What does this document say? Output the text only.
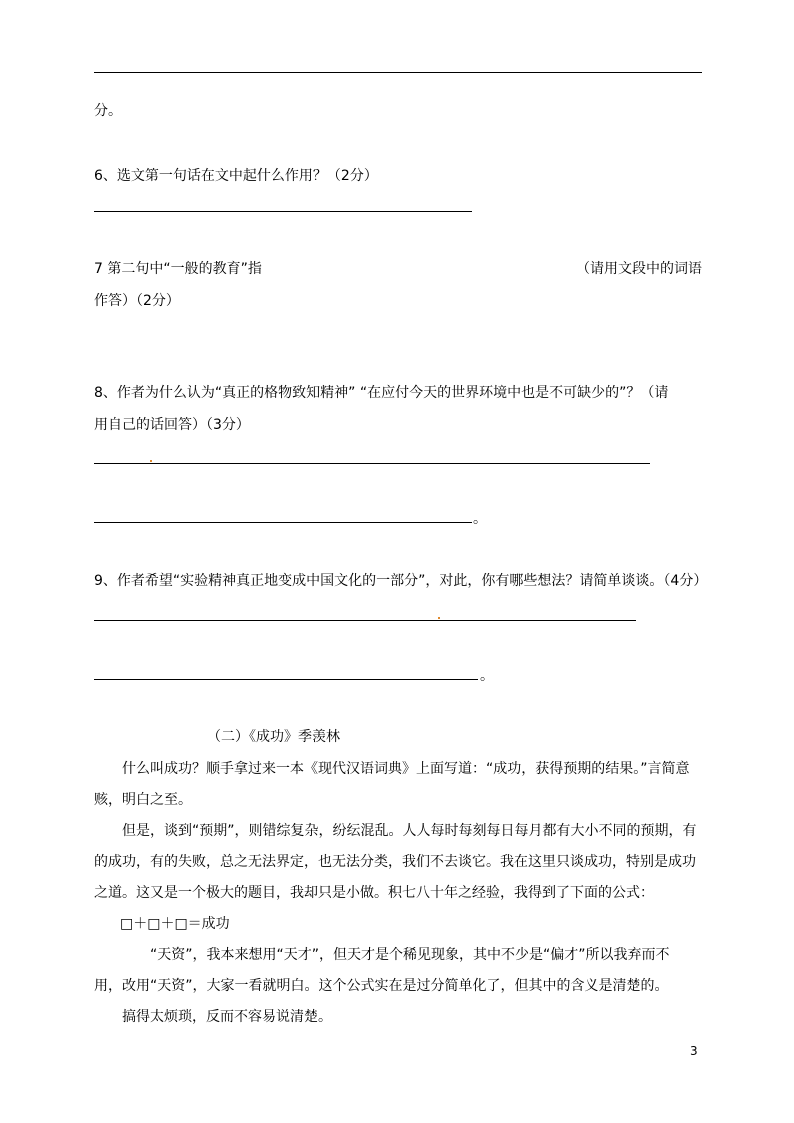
分。
6、选文第一句话在文中起什么作用？（2分）
7 第二句中“一般的教育”指	（请用文段中的词语
作答）（2分）
8、作者为什么认为“真正的格物致知精神” “在应付今天的世界环境中也是不可缺少的”？（请
用自己的话回答）（3分）
。
9、作者希望“实验精神真正地变成中国文化的一部分”，对此，你有哪些想法？请简单谈谈。（4分）
。
（二）《成功》季羡林
什么叫成功？顺手拿过来一本《现代汉语词典》上面写道：“成功，获得预期的结果。”言简意
赅，明白之至。
但是，谈到“预期”，则错综复杂，纷纭混乱。人人每时每刻每日每月都有大小不同的预期，有
的成功，有的失败，总之无法界定，也无法分类，我们不去谈它。我在这里只谈成功，特别是成功
之道。这又是一个极大的题目，我却只是小做。积七八十年之经验，我得到了下面的公式：
□＋□＋□＝成功
“天资”，我本来想用“天才”，但天才是个稀见现象，其中不少是“偏才”所以我弃而不
用，改用“天资”，大家一看就明白。这个公式实在是过分简单化了，但其中的含义是清楚的。
搞得太烦琐，反而不容易说清楚。
3
